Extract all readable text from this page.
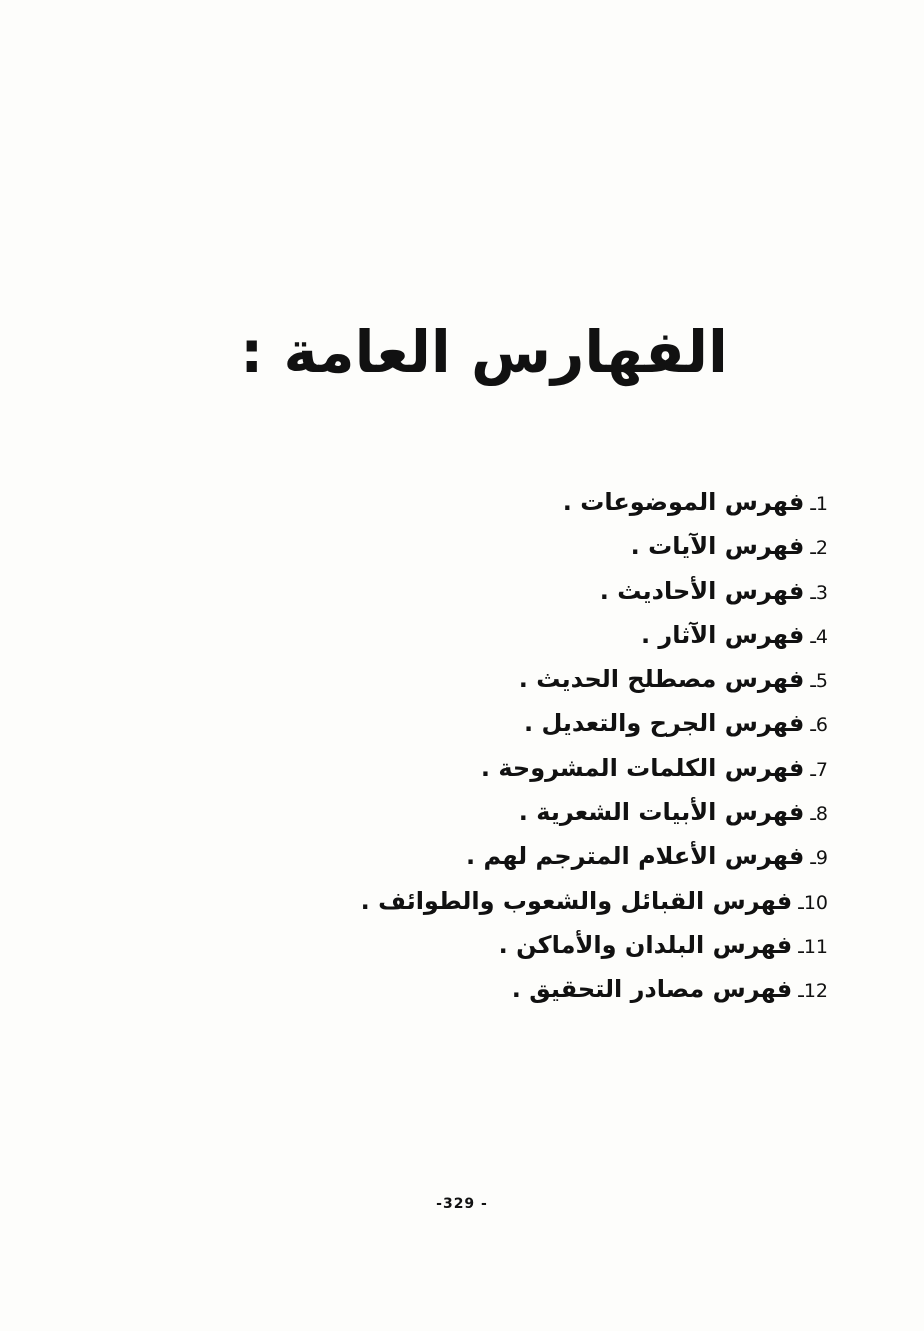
الفهارس العامة :
1ـفهرس الموضوعات .
2ـفهرس الآيات .
3ـفهرس الأحاديث .
4ـفهرس الآثار .
5ـفهرس مصطلح الحديث .
6ـفهرس الجرح والتعديل .
7ـفهرس الكلمات المشروحة .
8ـفهرس الأبيات الشعرية .
9ـفهرس الأعلام المترجم لهم .
10ـفهرس القبائل والشعوب والطوائف .
11ـفهرس البلدان والأماكن .
12ـفهرس مصادر التحقيق .
-329 -
